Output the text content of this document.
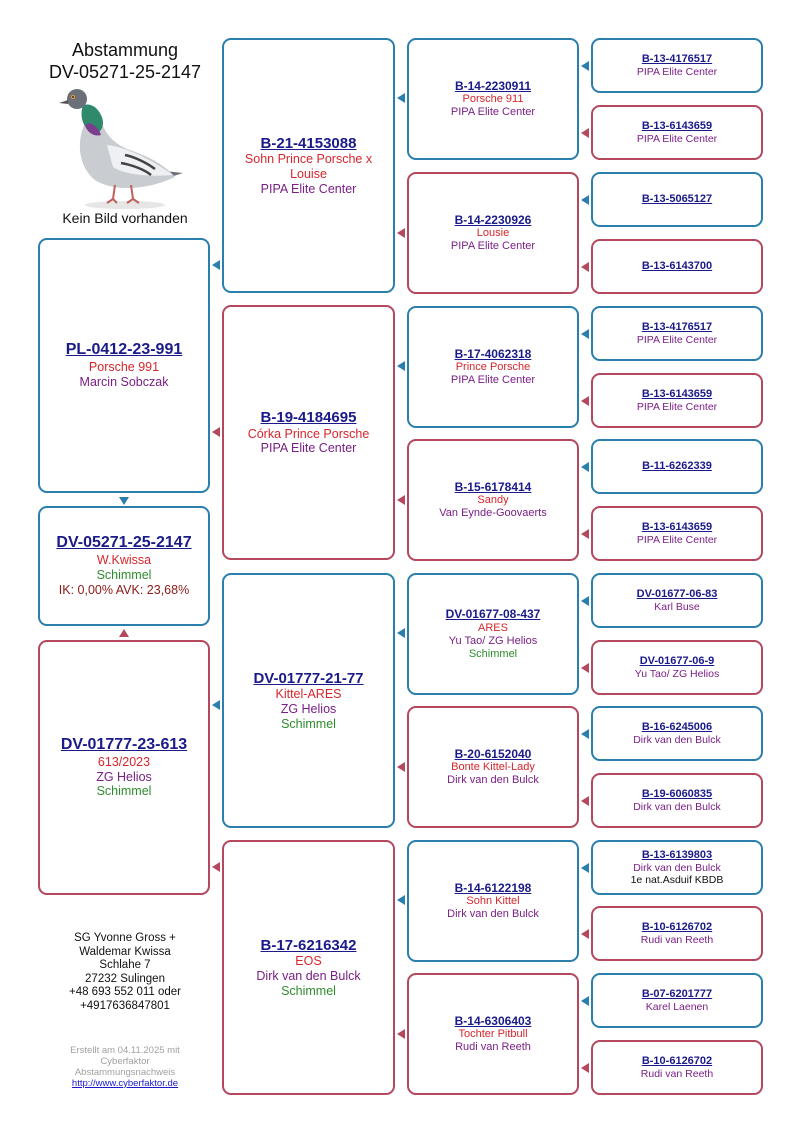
Abstammung
DV-05271-25-2147
Kein Bild vorhanden
PL-0412-23-991
Porsche 991
Marcin Sobczak
DV-05271-25-2147
W.Kwissa
Schimmel
IK: 0,00% AVK: 23,68%
DV-01777-23-613
613/2023
ZG Helios
Schimmel
B-21-4153088
Sohn Prince Porsche x Louise
PIPA Elite Center
B-19-4184695
Córka Prince Porsche
PIPA Elite Center
DV-01777-21-77
Kittel-ARES
ZG Helios
Schimmel
B-17-6216342
EOS
Dirk van den Bulck
Schimmel
B-14-2230911
Porsche 911
PIPA Elite Center
B-14-2230926
Lousie
PIPA Elite Center
B-17-4062318
Prince Porsche
PIPA Elite Center
B-15-6178414
Sandy
Van Eynde-Goovaerts
DV-01677-08-437
ARES
Yu Tao/ ZG Helios
Schimmel
B-20-6152040
Bonte Kittel-Lady
Dirk van den Bulck
B-14-6122198
Sohn Kittel
Dirk van den Bulck
B-14-6306403
Tochter Pitbull
Rudi van Reeth
B-13-4176517
PIPA Elite Center
B-13-6143659
PIPA Elite Center
B-13-5065127
B-13-6143700
B-13-4176517
PIPA Elite Center
B-13-6143659
PIPA Elite Center
B-11-6262339
B-13-6143659
PIPA Elite Center
DV-01677-06-83
Karl Buse
DV-01677-06-9
Yu Tao/ ZG Helios
B-16-6245006
Dirk van den Bulck
B-19-6060835
Dirk van den Bulck
B-13-6139803
Dirk van den Bulck
1e nat.Asduif KBDB
B-10-6126702
Rudi van Reeth
B-07-6201777
Karel Laenen
B-10-6126702
Rudi van Reeth
SG Yvonne Gross +
Waldemar Kwissa
Schlahe 7
27232 Sulingen
+48 693 552 011 oder
+4917636847801
Erstellt am 04.11.2025 mit
Cyberfaktor
Abstammungsnachweis
http://www.cyberfaktor.de
